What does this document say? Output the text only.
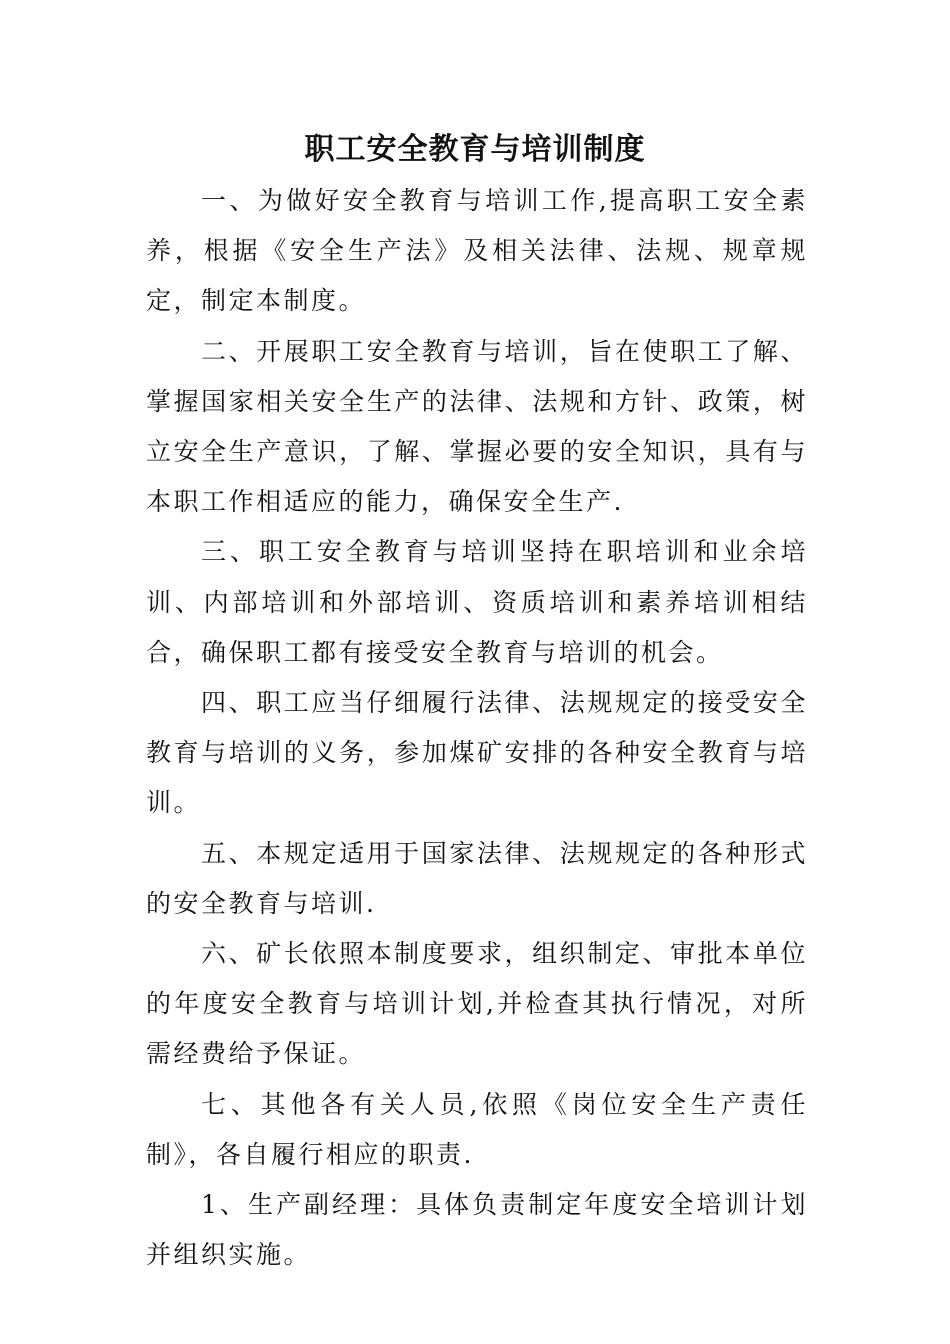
职工安全教育与培训制度

一、为做好安全教育与培训工作,提高职工安全素养，根据《安全生产法》及相关法律、法规、规章规定，制定本制度。

二、开展职工安全教育与培训，旨在使职工了解、掌握国家相关安全生产的法律、法规和方针、政策，树立安全生产意识，了解、掌握必要的安全知识，具有与本职工作相适应的能力，确保安全生产.

三、职工安全教育与培训坚持在职培训和业余培训、内部培训和外部培训、资质培训和素养培训相结合，确保职工都有接受安全教育与培训的机会。

四、职工应当仔细履行法律、法规规定的接受安全教育与培训的义务，参加煤矿安排的各种安全教育与培训。

五、本规定适用于国家法律、法规规定的各种形式的安全教育与培训.

六、矿长依照本制度要求，组织制定、审批本单位的年度安全教育与培训计划,并检查其执行情况，对所需经费给予保证。

七、其他各有关人员,依照《岗位安全生产责任制》，各自履行相应的职责.

1、生产副经理：具体负责制定年度安全培训计划并组织实施。
